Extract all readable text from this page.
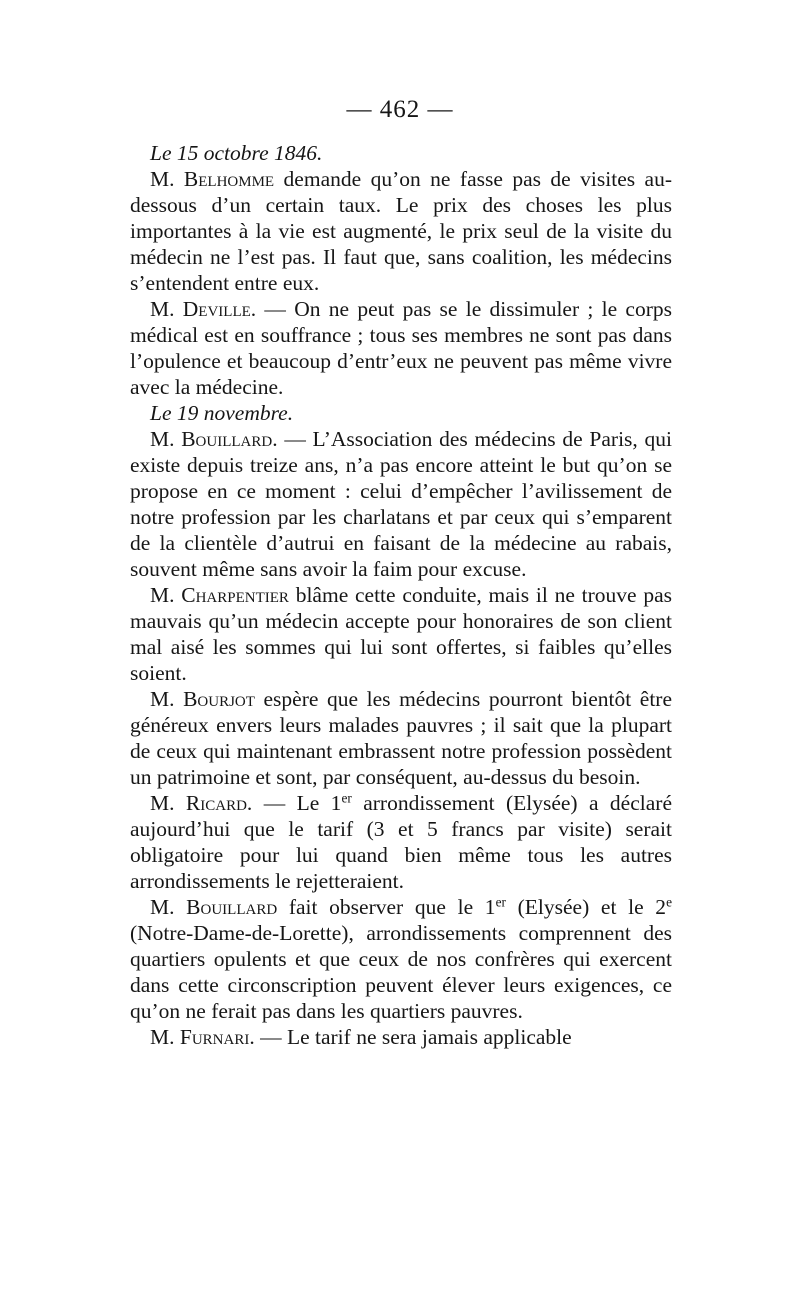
— 462 —

Le 15 octobre 1846.

M. Belhomme demande qu’on ne fasse pas de visites au-dessous d’un certain taux. Le prix des choses les plus importantes à la vie est augmenté, le prix seul de la visite du médecin ne l’est pas. Il faut que, sans coalition, les médecins s’entendent entre eux.

M. Deville. — On ne peut pas se le dissimuler ; le corps médical est en souffrance ; tous ses membres ne sont pas dans l’opulence et beaucoup d’entr’eux ne peuvent pas même vivre avec la médecine.

Le 19 novembre.

M. Bouillard. — L’Association des médecins de Paris, qui existe depuis treize ans, n’a pas encore atteint le but qu’on se propose en ce moment : celui d’empêcher l’avilissement de notre profession par les charlatans et par ceux qui s’emparent de la clientèle d’autrui en faisant de la médecine au rabais, souvent même sans avoir la faim pour excuse.

M. Charpentier blâme cette conduite, mais il ne trouve pas mauvais qu’un médecin accepte pour honoraires de son client mal aisé les sommes qui lui sont offertes, si faibles qu’elles soient.

M. Bourjot espère que les médecins pourront bientôt être généreux envers leurs malades pauvres ; il sait que la plupart de ceux qui maintenant embrassent notre profession possèdent un patrimoine et sont, par conséquent, au-dessus du besoin.

M. Ricard. — Le 1er arrondissement (Elysée) a déclaré aujourd’hui que le tarif (3 et 5 francs par visite) serait obligatoire pour lui quand bien même tous les autres arrondissements le rejetteraient.

M. Bouillard fait observer que le 1er (Elysée) et le 2e (Notre-Dame-de-Lorette), arrondissements comprennent des quartiers opulents et que ceux de nos confrères qui exercent dans cette circonscription peuvent élever leurs exigences, ce qu’on ne ferait pas dans les quartiers pauvres.

M. Furnari. — Le tarif ne sera jamais applicable
